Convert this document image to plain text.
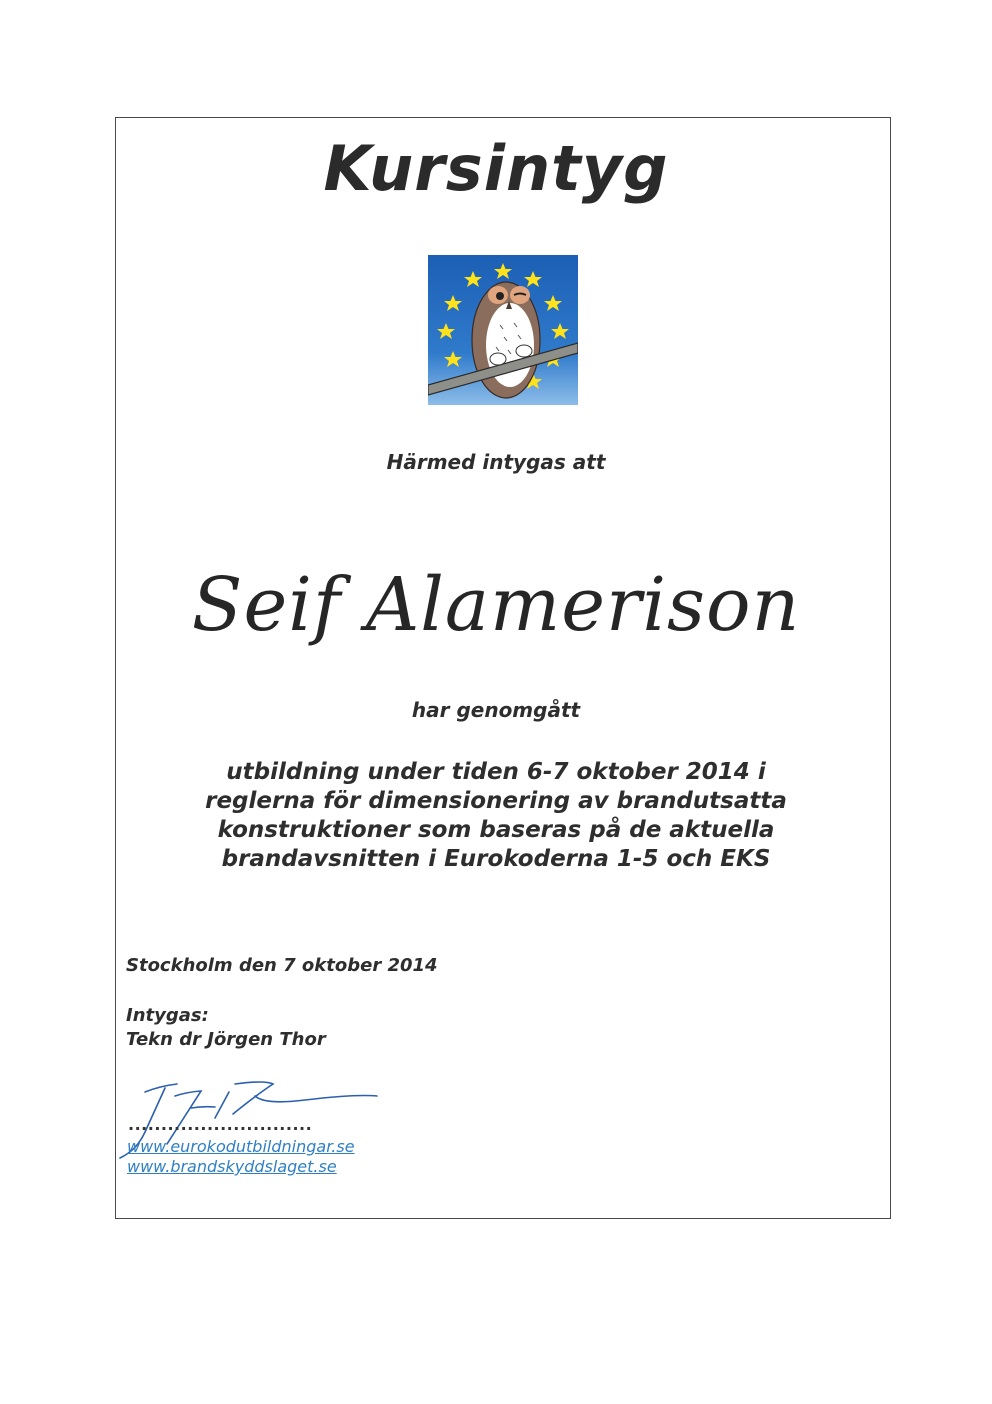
Kursintyg
Härmed intygas att
Seif Alamerison
har genomgått
utbildning under tiden 6-7 oktober 2014 i
reglerna för dimensionering av brandutsatta
konstruktioner som baseras på de aktuella
brandavsnitten i Eurokoderna 1-5 och EKS
Stockholm den 7 oktober 2014
Intygas:
Tekn dr Jörgen Thor
............................
www.eurokodutbildningar.se
www.brandskyddslaget.se
